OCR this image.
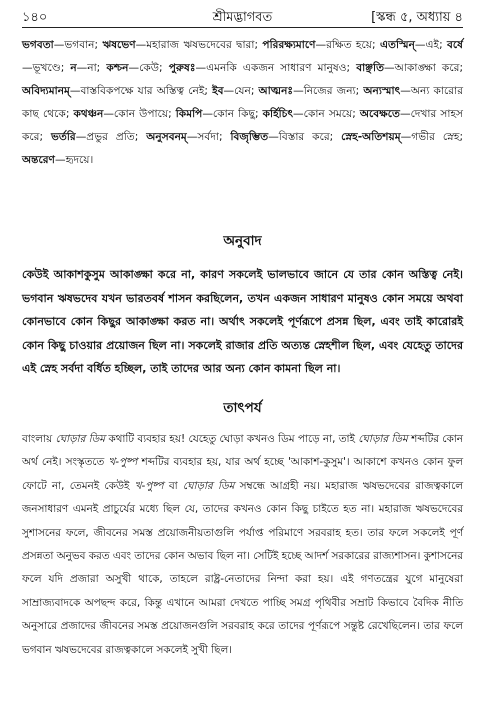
১৪০	শ্রীমদ্ভাগবত	[স্কন্ধ ৫, অধ্যায় ৪
ভগবতা—ভগবান; ঋষভেণ—মহারাজ ঋষভদেবের দ্বারা; পরিরক্ষ্যমাণে—রক্ষিত হয়ে; এতস্মিন্—এই; বর্ষে—ভূখণ্ডে; ন—না; কশ্চন—কেউ; পুরুষঃ—এমনকি একজন সাধারণ মানুষও; বাঞ্ছতি—আকাঙ্ক্ষা করে; অবিদ্যমানম্—বাস্তবিকপক্ষে যার অস্তিত্ব নেই; ইব—যেন; আত্মনঃ—নিজের জন্য; অন্যস্মাৎ—অন্য কারোর কাছ থেকে; কথঞ্চন—কোন উপায়ে; কিমপি—কোন কিছু; কর্হিচিৎ—কোন সময়ে; অবেক্ষতে—দেখার সাহস করে; ভর্তরি—প্রভুর প্রতি; অনুসবনম্—সর্বদা; বিজৃম্ভিত—বিস্তার করে; স্নেহ-অতিশয়ম্—গভীর স্নেহ; অন্তরেণ—হৃদয়ে।
অনুবাদ
কেউই আকাশকুসুম আকাঙ্ক্ষা করে না, কারণ সকলেই ভালভাবে জানে যে তার কোন অস্তিত্ব নেই। ভগবান ঋষভদেব যখন ভারতবর্ষ শাসন করছিলেন, তখন একজন সাধারণ মানুষও কোন সময়ে অথবা কোনভাবে কোন কিছুর আকাঙ্ক্ষা করত না। অর্থাৎ সকলেই পূর্ণরূপে প্রসন্ন ছিল, এবং তাই কারোরই কোন কিছু চাওয়ার প্রয়োজন ছিল না। সকলেই রাজার প্রতি অত্যন্ত স্নেহশীল ছিল, এবং যেহেতু তাদের এই স্নেহ সর্বদা বর্ধিত হচ্ছিল, তাই তাদের আর অন্য কোন কামনা ছিল না।
তাৎপর্য
বাংলায় ঘোড়ার ডিম কথাটি ব্যবহার হয়! যেহেতু ঘোড়া কখনও ডিম পাড়ে না, তাই ঘোড়ার ডিম শব্দটির কোন অর্থ নেই। সংস্কৃততে খ-পুষ্প শব্দটির ব্যবহার হয়, যার অর্থ হচ্ছে 'আকাশ-কুসুম'। আকাশে কখনও কোন ফুল ফোটে না, তেমনই কেউই খ-পুষ্প বা ঘোড়ার ডিম সম্বন্ধে আগ্রহী নয়। মহারাজ ঋষভদেবের রাজত্বকালে জনসাধারণ এমনই প্রাচুর্যের মধ্যে ছিল যে, তাদের কখনও কোন কিছু চাইতে হত না। মহারাজ ঋষভদেবের সুশাসনের ফলে, জীবনের সমস্ত প্রয়োজনীয়তাগুলি পর্যাপ্ত পরিমাণে সরবরাহ হত। তার ফলে সকলেই পূর্ণ প্রসন্নতা অনুভব করত এবং তাদের কোন অভাব ছিল না। সেটিই হচ্ছে আদর্শ সরকারের রাজ্যশাসন। কুশাসনের ফলে যদি প্রজারা অসুখী থাকে, তাহলে রাষ্ট্র-নেতাদের নিন্দা করা হয়। এই গণতন্ত্রের যুগে মানুষেরা সাম্রাজ্যবাদকে অপছন্দ করে, কিন্তু এখানে আমরা দেখতে পাচ্ছি সমগ্র পৃথিবীর সম্রাট কিভাবে বৈদিক নীতি অনুসারে প্রজাদের জীবনের সমস্ত প্রয়োজনগুলি সরবরাহ করে তাদের পূর্ণরূপে সন্তুষ্ট রেখেছিলেন। তার ফলে ভগবান ঋষভদেবের রাজত্বকালে সকলেই সুখী ছিল।
